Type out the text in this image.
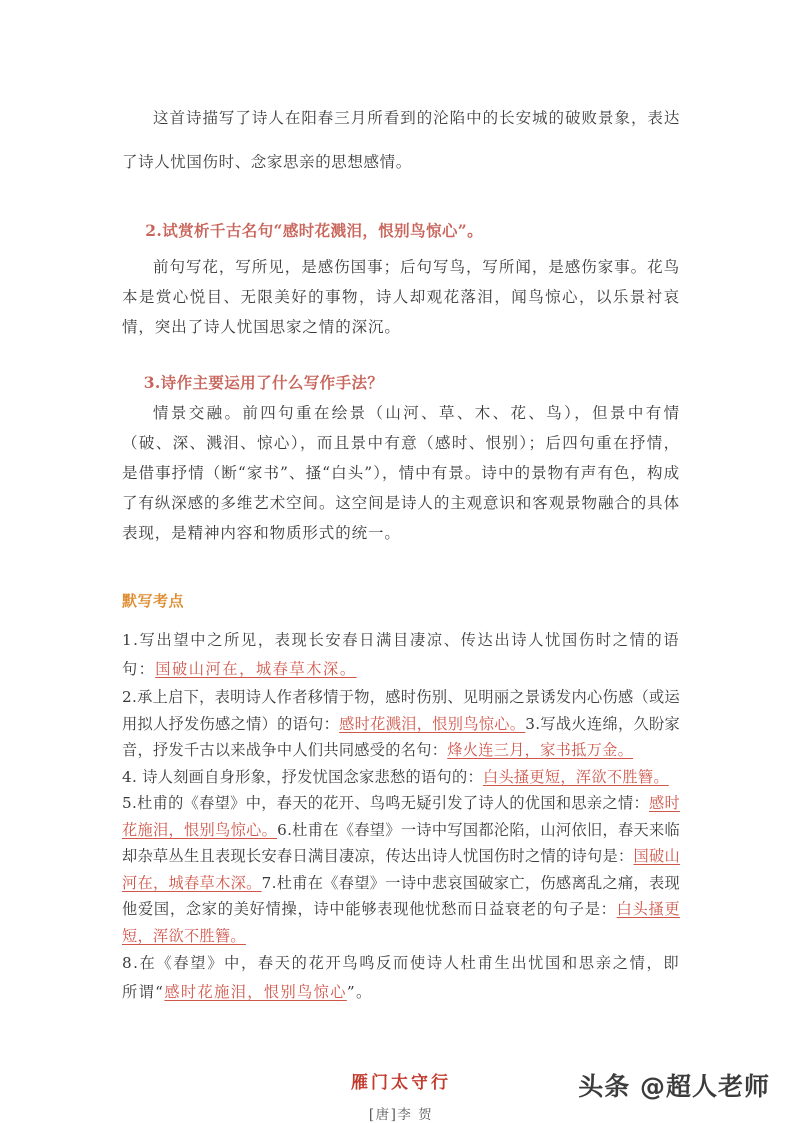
这首诗描写了诗人在阳春三月所看到的沦陷中的长安城的破败景象，表达了诗人忧国伤时、念家思亲的思想感情。

2.试赏析千古名句“感时花溅泪，恨别鸟惊心”。

前句写花，写所见，是感伤国事；后句写鸟，写所闻，是感伤家事。花鸟本是赏心悦目、无限美好的事物，诗人却观花落泪，闻鸟惊心，以乐景衬哀情，突出了诗人忧国思家之情的深沉。

3.诗作主要运用了什么写作手法？

情景交融。前四句重在绘景（山河、草、木、花、鸟），但景中有情（破、深、溅泪、惊心），而且景中有意（感时、恨别）；后四句重在抒情，是借事抒情（断“家书”、搔“白头”），情中有景。诗中的景物有声有色，构成了有纵深感的多维艺术空间。这空间是诗人的主观意识和客观景物融合的具体表现，是精神内容和物质形式的统一。

默写考点

1.写出望中之所见，表现长安春日满目凄凉、传达出诗人忧国伤时之情的语句：国破山河在，城春草木深。

2.承上启下，表明诗人作者移情于物，感时伤别、见明丽之景诱发内心伤感（或运用拟人抒发伤感之情）的语句：感时花溅泪，恨别鸟惊心。3.写战火连绵，久盼家音，抒发千古以来战争中人们共同感受的名句：烽火连三月，家书抵万金。
4. 诗人刻画自身形象，抒发忧国念家悲愁的语句的：白头搔更短，浑欲不胜簪。
5.杜甫的《春望》中，春天的花开、鸟鸣无疑引发了诗人的优国和思亲之情：感时花施泪，恨别鸟惊心。6.杜甫在《春望》一诗中写国都沦陷，山河依旧，春天来临却杂草丛生且表现长安春日满目凄凉，传达出诗人忧国伤时之情的诗句是：国破山河在，城春草木深。7.杜甫在《春望》一诗中悲哀国破家亡，伤感离乱之痛，表现他爱国，念家的美好情操，诗中能够表现他忧愁而日益衰老的句子是：白头搔更短，浑欲不胜簪。

8.在《春望》中，春天的花开鸟鸣反而使诗人杜甫生出忧国和思亲之情，即所谓“感时花施泪，恨别鸟惊心”。

雁门太守行

[唐]李 贺

头条 @超人老师
